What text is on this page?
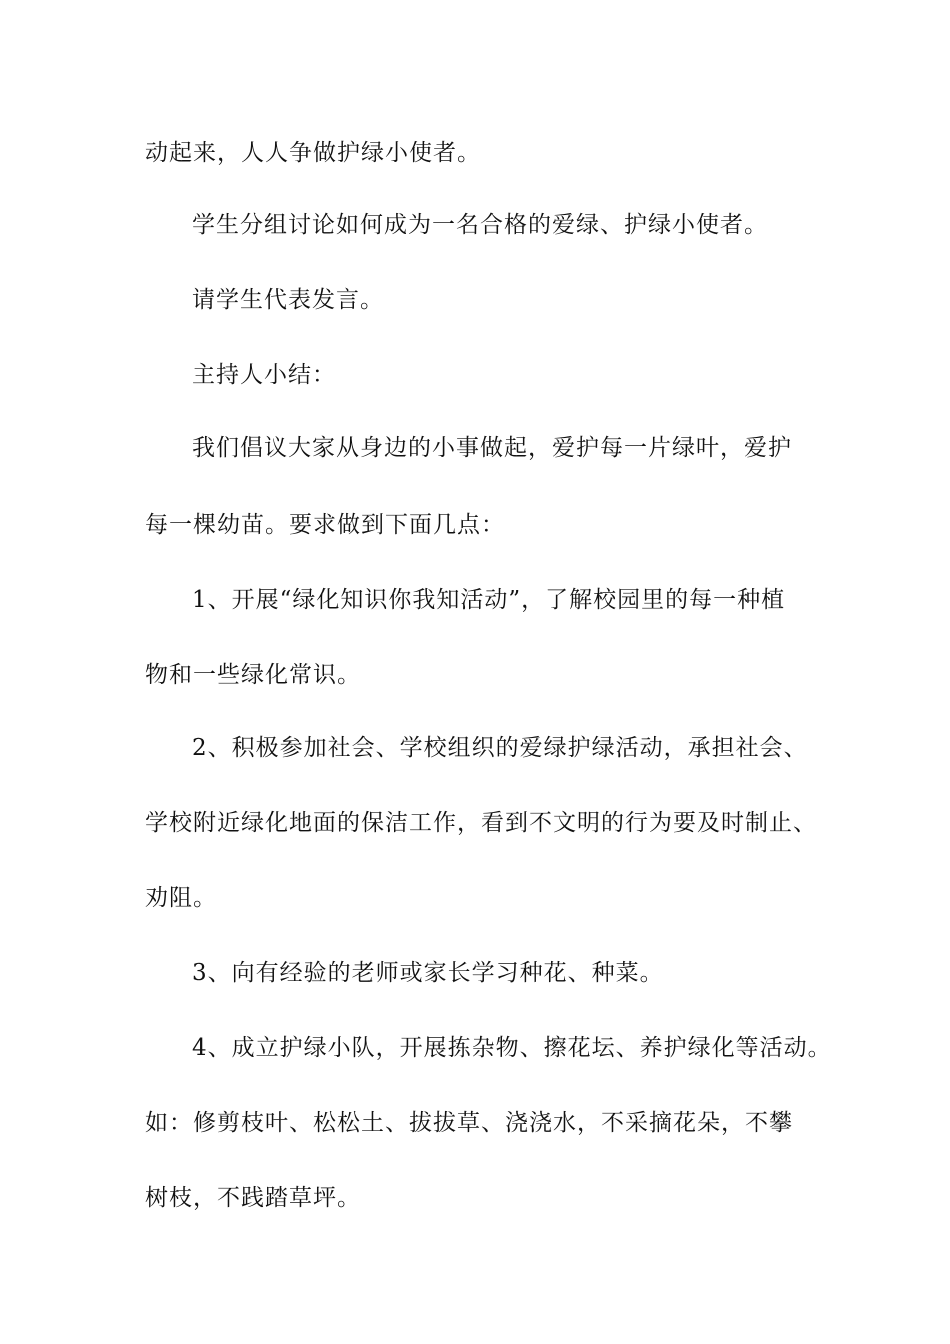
动起来，人人争做护绿小使者。
学生分组讨论如何成为一名合格的爱绿、护绿小使者。
请学生代表发言。
主持人小结：
我们倡议大家从身边的小事做起，爱护每一片绿叶，爱护
每一棵幼苗。要求做到下面几点：
1、开展“绿化知识你我知活动”，了解校园里的每一种植
物和一些绿化常识。
2、积极参加社会、学校组织的爱绿护绿活动，承担社会、
学校附近绿化地面的保洁工作，看到不文明的行为要及时制止、
劝阻。
3、向有经验的老师或家长学习种花、种菜。
4、成立护绿小队，开展拣杂物、擦花坛、养护绿化等活动。
如：修剪枝叶、松松土、拔拔草、浇浇水，不采摘花朵，不攀
树枝，不践踏草坪。
